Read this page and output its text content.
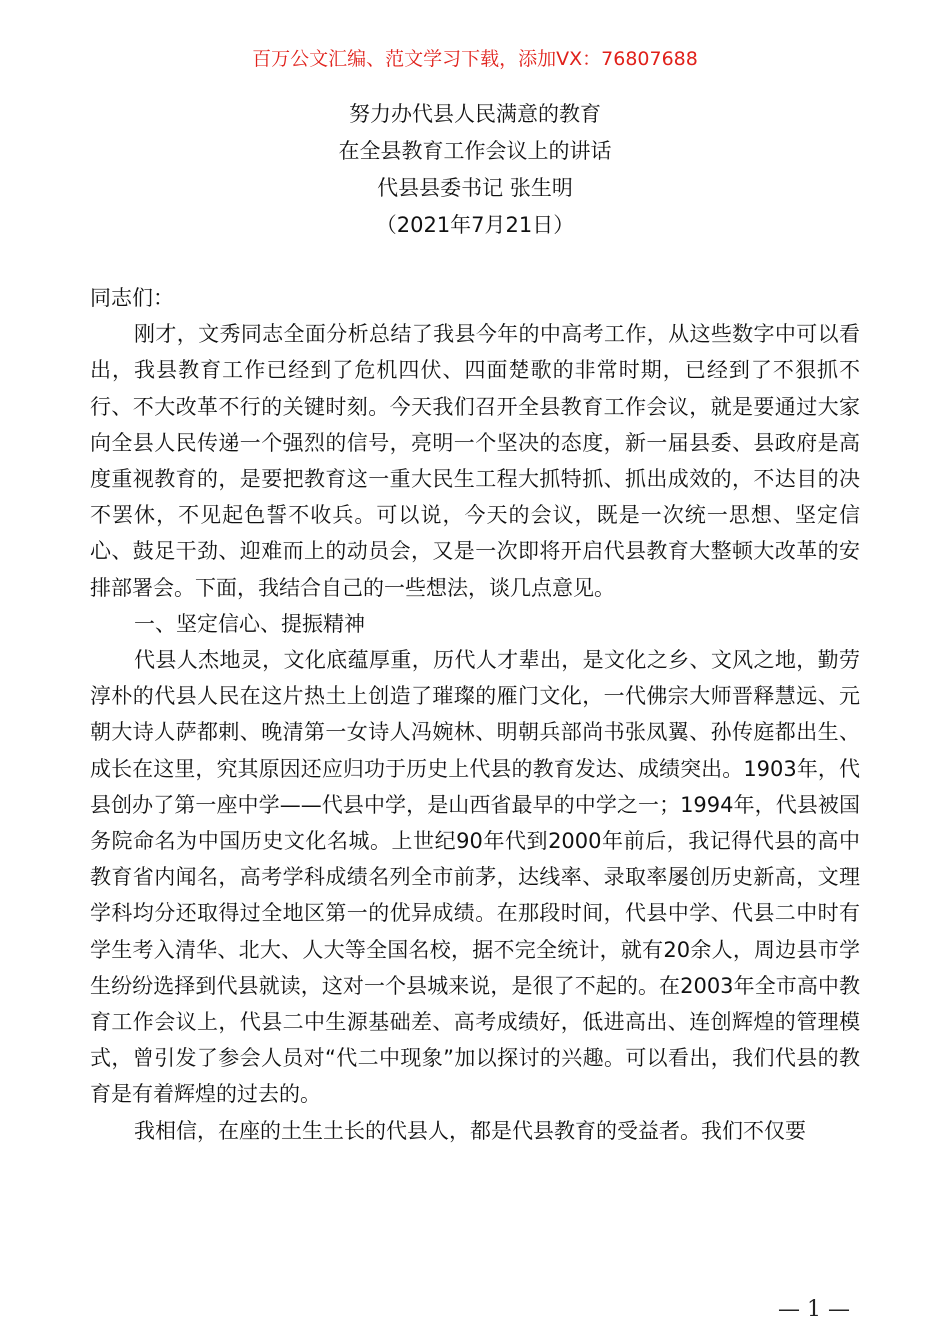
百万公文汇编、范文学习下载，添加VX：76807688
努力办代县人民满意的教育
在全县教育工作会议上的讲话
代县县委书记 张生明
（2021年7月21日）

同志们：

刚才，文秀同志全面分析总结了我县今年的中高考工作，从这些数字中可以看出，我县教育工作已经到了危机四伏、四面楚歌的非常时期，已经到了不狠抓不行、不大改革不行的关键时刻。今天我们召开全县教育工作会议，就是要通过大家向全县人民传递一个强烈的信号，亮明一个坚决的态度，新一届县委、县政府是高度重视教育的，是要把教育这一重大民生工程大抓特抓、抓出成效的，不达目的决不罢休，不见起色誓不收兵。可以说，今天的会议，既是一次统一思想、坚定信心、鼓足干劲、迎难而上的动员会，又是一次即将开启代县教育大整顿大改革的安排部署会。下面，我结合自己的一些想法，谈几点意见。

一、坚定信心、提振精神

代县人杰地灵，文化底蕴厚重，历代人才辈出，是文化之乡、文风之地，勤劳淳朴的代县人民在这片热土上创造了璀璨的雁门文化，一代佛宗大师晋释慧远、元朝大诗人萨都剌、晚清第一女诗人冯婉林、明朝兵部尚书张凤翼、孙传庭都出生、成长在这里，究其原因还应归功于历史上代县的教育发达、成绩突出。1903年，代县创办了第一座中学——代县中学，是山西省最早的中学之一；1994年，代县被国务院命名为中国历史文化名城。上世纪90年代到2000年前后，我记得代县的高中教育省内闻名，高考学科成绩名列全市前茅，达线率、录取率屡创历史新高，文理学科均分还取得过全地区第一的优异成绩。在那段时间，代县中学、代县二中时有学生考入清华、北大、人大等全国名校，据不完全统计，就有20余人，周边县市学生纷纷选择到代县就读，这对一个县城来说，是很了不起的。在2003年全市高中教育工作会议上，代县二中生源基础差、高考成绩好，低进高出、连创辉煌的管理模式，曾引发了参会人员对“代二中现象”加以探讨的兴趣。可以看出，我们代县的教育是有着辉煌的过去的。

我相信，在座的土生土长的代县人，都是代县教育的受益者。我们不仅要

— 1 —
